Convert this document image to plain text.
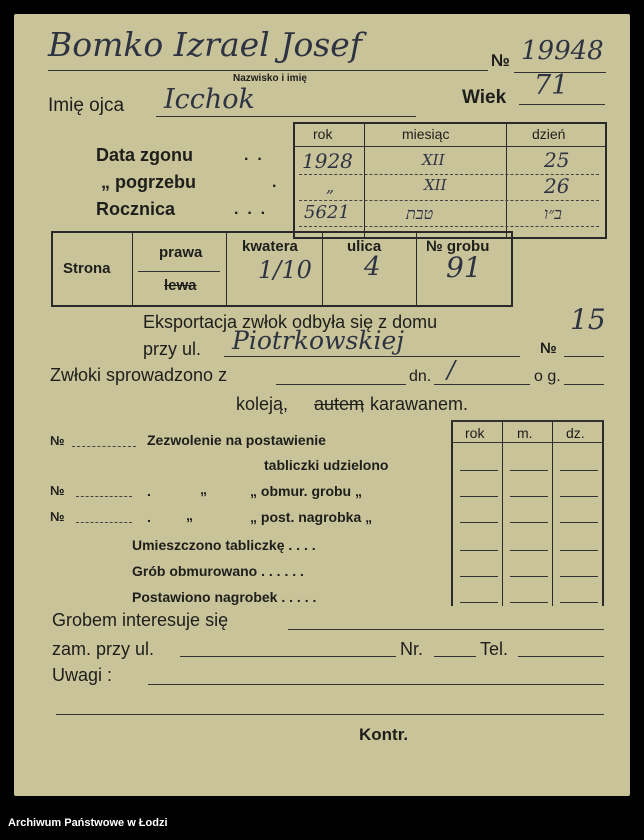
Bomko Izrael Josef
Nazwisko i imię
№ 19948
Imię ojca Icchok	Wiek 71
Data zgonu	.  .
„ pogrzebu	.
Rocznica	.  .  .
rok	miesiąc	dzień
1928	XII	25
„	XII	26
5621	טבת	ב״ו
Strona
prawa
lewa
kwatera	ulica	№ grobu
1/10 4 91
Eksportacja zwłok odbyła się z domu	15
przy ul. Piotrkowskiej	№
Zwłoki sprowadzono z	dn. /	o g.
koleją, autem
, karawanem.
№	Zezwolenie na postawienie
tabliczki udzielono
№	.	„	„ obmur. grobu „
№	.	„	„ post. nagrobka „
Umieszczono tabliczkę . . . .
Grób obmurowano . . . . . .
Postawiono nagrobek . . . . .
rok m. dz.
Grobem interesuje się
zam. przy ul.	Nr.	Tel.
Uwagi :
Kontr.
Archiwum Państwowe w Łodzi
